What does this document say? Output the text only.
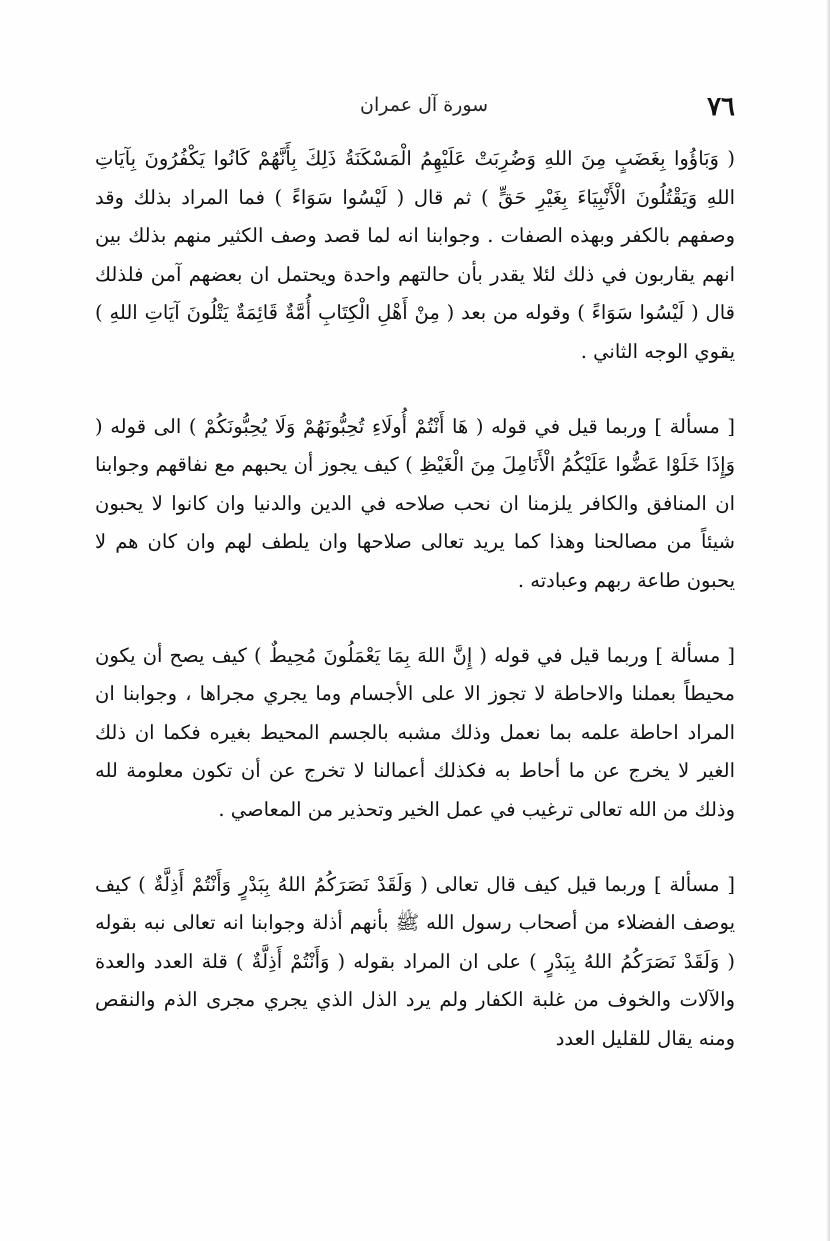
٧٦
سورة آل عمران

( وَبَاؤُوا بِغَضَبٍ مِنَ اللهِ وَضُرِبَتْ عَلَيْهِمُ الْمَسْكَنَةُ ذَلِكَ بِأَنَّهُمْ كَانُوا يَكْفُرُونَ بِآيَاتِ اللهِ وَيَقْتُلُونَ الْأَنْبِيَاءَ بِغَيْرِ حَقٍّ ) ثم قال ( لَيْسُوا سَوَاءً ) فما المراد بذلك وقد وصفهم بالكفر وبهذه الصفات . وجوابنا انه لما قصد وصف الكثير منهم بذلك بين انهم يقاربون في ذلك لئلا يقدر بأن حالتهم واحدة ويحتمل ان بعضهم آمن فلذلك قال ( لَيْسُوا سَوَاءً ) وقوله من بعد ( مِنْ أَهْلِ الْكِتَابِ أُمَّةٌ قَائِمَةٌ يَتْلُونَ آيَاتِ اللهِ ) يقوي الوجه الثاني .

[ مسألة ] وربما قيل في قوله ( هَا أَنْتُمْ أُولَاءِ تُحِبُّونَهُمْ وَلَا يُحِبُّونَكُمْ ) الى قوله ( وَإِذَا خَلَوْا عَضُّوا عَلَيْكُمُ الْأَنَامِلَ مِنَ الْغَيْظِ ) كيف يجوز أن يحبهم مع نفاقهم وجوابنا ان المنافق والكافر يلزمنا ان نحب صلاحه في الدين والدنيا وان كانوا لا يحبون شيئاً من مصالحنا وهذا كما يريد تعالى صلاحها وان يلطف لهم وان كان هم لا يحبون طاعة ربهم وعبادته .

[ مسألة ] وربما قيل في قوله ( إِنَّ اللهَ بِمَا يَعْمَلُونَ مُحِيطٌ ) كيف يصح أن يكون محيطاً بعملنا والاحاطة لا تجوز الا على الأجسام وما يجري مجراها ، وجوابنا ان المراد احاطة علمه بما نعمل وذلك مشبه بالجسم المحيط بغيره فكما ان ذلك الغير لا يخرج عن ما أحاط به فكذلك أعمالنا لا تخرج عن أن تكون معلومة لله وذلك من الله تعالى ترغيب في عمل الخير وتحذير من المعاصي .

[ مسألة ] وربما قيل كيف قال تعالى ( وَلَقَدْ نَصَرَكُمُ اللهُ بِبَدْرٍ وَأَنْتُمْ أَذِلَّةٌ ) كيف يوصف الفضلاء من أصحاب رسول الله ﷺ بأنهم أذلة وجوابنا انه تعالى نبه بقوله ( وَلَقَدْ نَصَرَكُمُ اللهُ بِبَدْرٍ ) على ان المراد بقوله ( وَأَنْتُمْ أَذِلَّةٌ ) قلة العدد والعدة والآلات والخوف من غلبة الكفار ولم يرد الذل الذي يجري مجرى الذم والنقص ومنه يقال للقليل العدد
